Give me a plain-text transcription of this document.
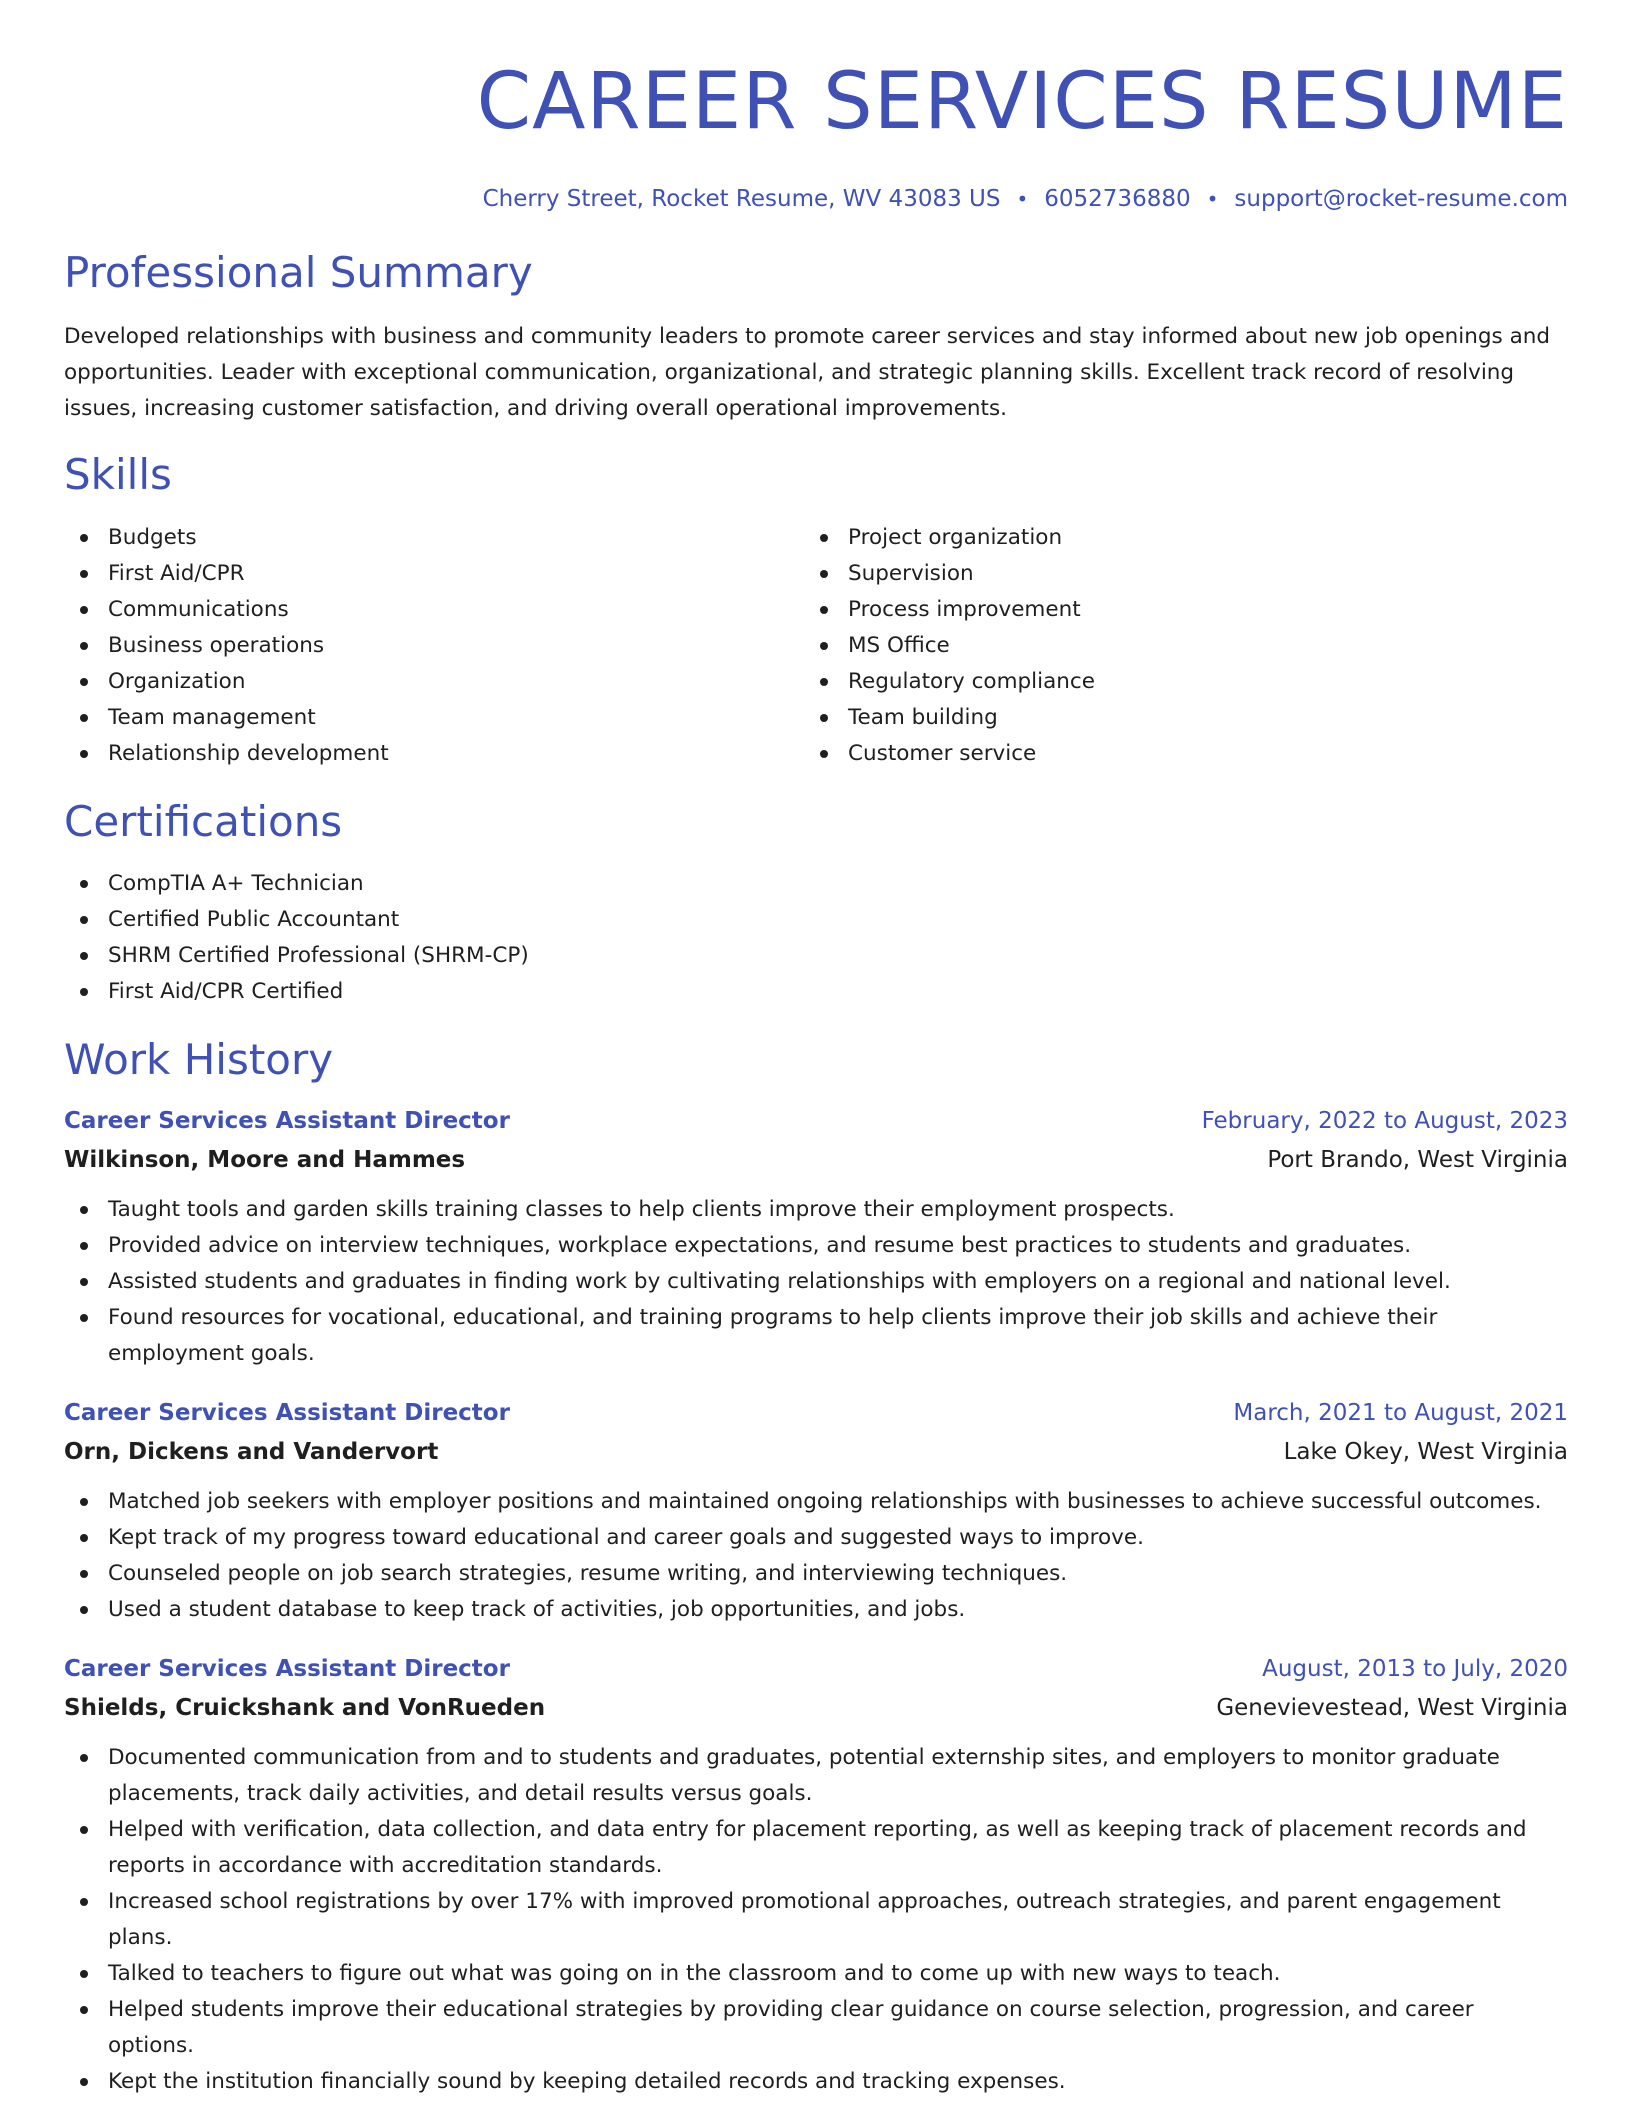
CAREER SERVICES RESUME
Cherry Street, Rocket Resume, WV 43083 US • 6052736880 • support@rocket-resume.com
Professional Summary
Developed relationships with business and community leaders to promote career services and stay informed about new job openings and opportunities. Leader with exceptional communication, organizational, and strategic planning skills. Excellent track record of resolving issues, increasing customer satisfaction, and driving overall operational improvements.
Skills
Budgets
First Aid/CPR
Communications
Business operations
Organization
Team management
Relationship development
Project organization
Supervision
Process improvement
MS Office
Regulatory compliance
Team building
Customer service
Certifications
CompTIA A+ Technician
Certified Public Accountant
SHRM Certified Professional (SHRM-CP)
First Aid/CPR Certified
Work History
Career Services Assistant Director	February, 2022 to August, 2023
Wilkinson, Moore and Hammes	Port Brando, West Virginia
Taught tools and garden skills training classes to help clients improve their employment prospects.
Provided advice on interview techniques, workplace expectations, and resume best practices to students and graduates.
Assisted students and graduates in finding work by cultivating relationships with employers on a regional and national level.
Found resources for vocational, educational, and training programs to help clients improve their job skills and achieve their employment goals.
Career Services Assistant Director	March, 2021 to August, 2021
Orn, Dickens and Vandervort	Lake Okey, West Virginia
Matched job seekers with employer positions and maintained ongoing relationships with businesses to achieve successful outcomes.
Kept track of my progress toward educational and career goals and suggested ways to improve.
Counseled people on job search strategies, resume writing, and interviewing techniques.
Used a student database to keep track of activities, job opportunities, and jobs.
Career Services Assistant Director	August, 2013 to July, 2020
Shields, Cruickshank and VonRueden	Genevievestead, West Virginia
Documented communication from and to students and graduates, potential externship sites, and employers to monitor graduate placements, track daily activities, and detail results versus goals.
Helped with verification, data collection, and data entry for placement reporting, as well as keeping track of placement records and reports in accordance with accreditation standards.
Increased school registrations by over 17% with improved promotional approaches, outreach strategies, and parent engagement plans.
Talked to teachers to figure out what was going on in the classroom and to come up with new ways to teach.
Helped students improve their educational strategies by providing clear guidance on course selection, progression, and career options.
Kept the institution financially sound by keeping detailed records and tracking expenses.
